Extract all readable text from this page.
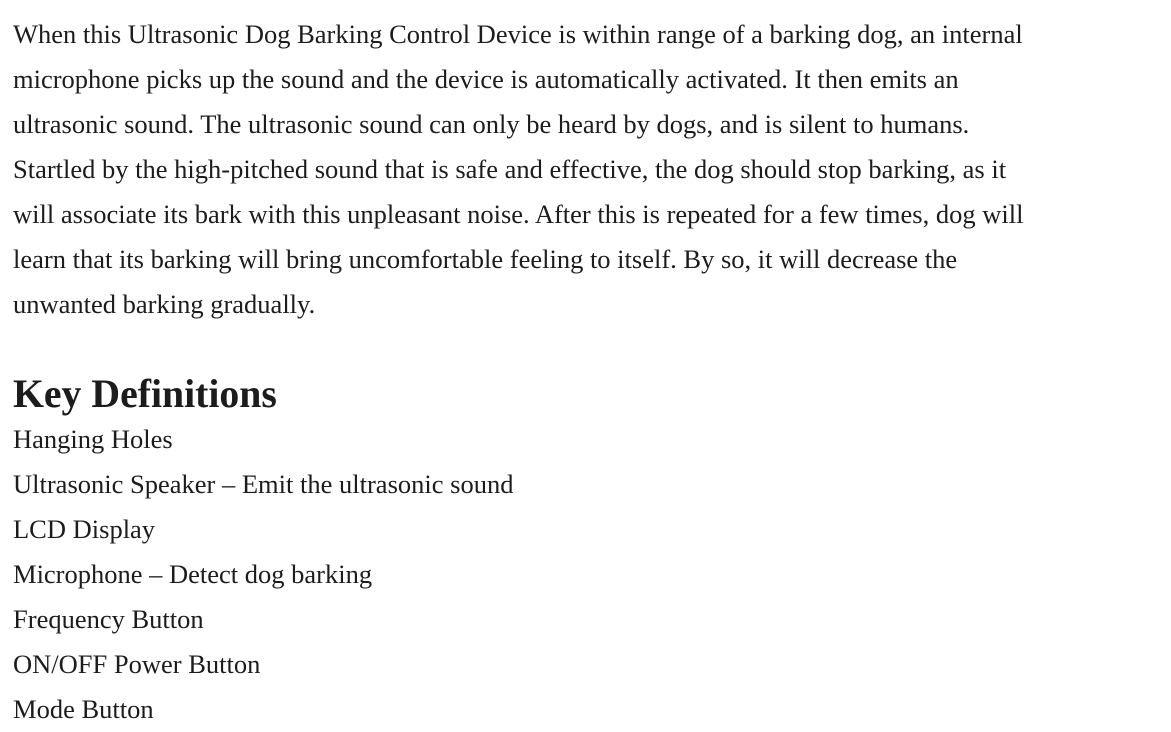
When this Ultrasonic Dog Barking Control Device is within range of a barking dog, an internal
microphone picks up the sound and the device is automatically activated. It then emits an
ultrasonic sound. The ultrasonic sound can only be heard by dogs, and is silent to humans.
Startled by the high-pitched sound that is safe and effective, the dog should stop barking, as it
will associate its bark with this unpleasant noise. After this is repeated for a few times, dog will
learn that its barking will bring uncomfortable feeling to itself. By so, it will decrease the
unwanted barking gradually.

Key Definitions
Hanging Holes
Ultrasonic Speaker – Emit the ultrasonic sound
LCD Display
Microphone – Detect dog barking
Frequency Button
ON/OFF Power Button
Mode Button
